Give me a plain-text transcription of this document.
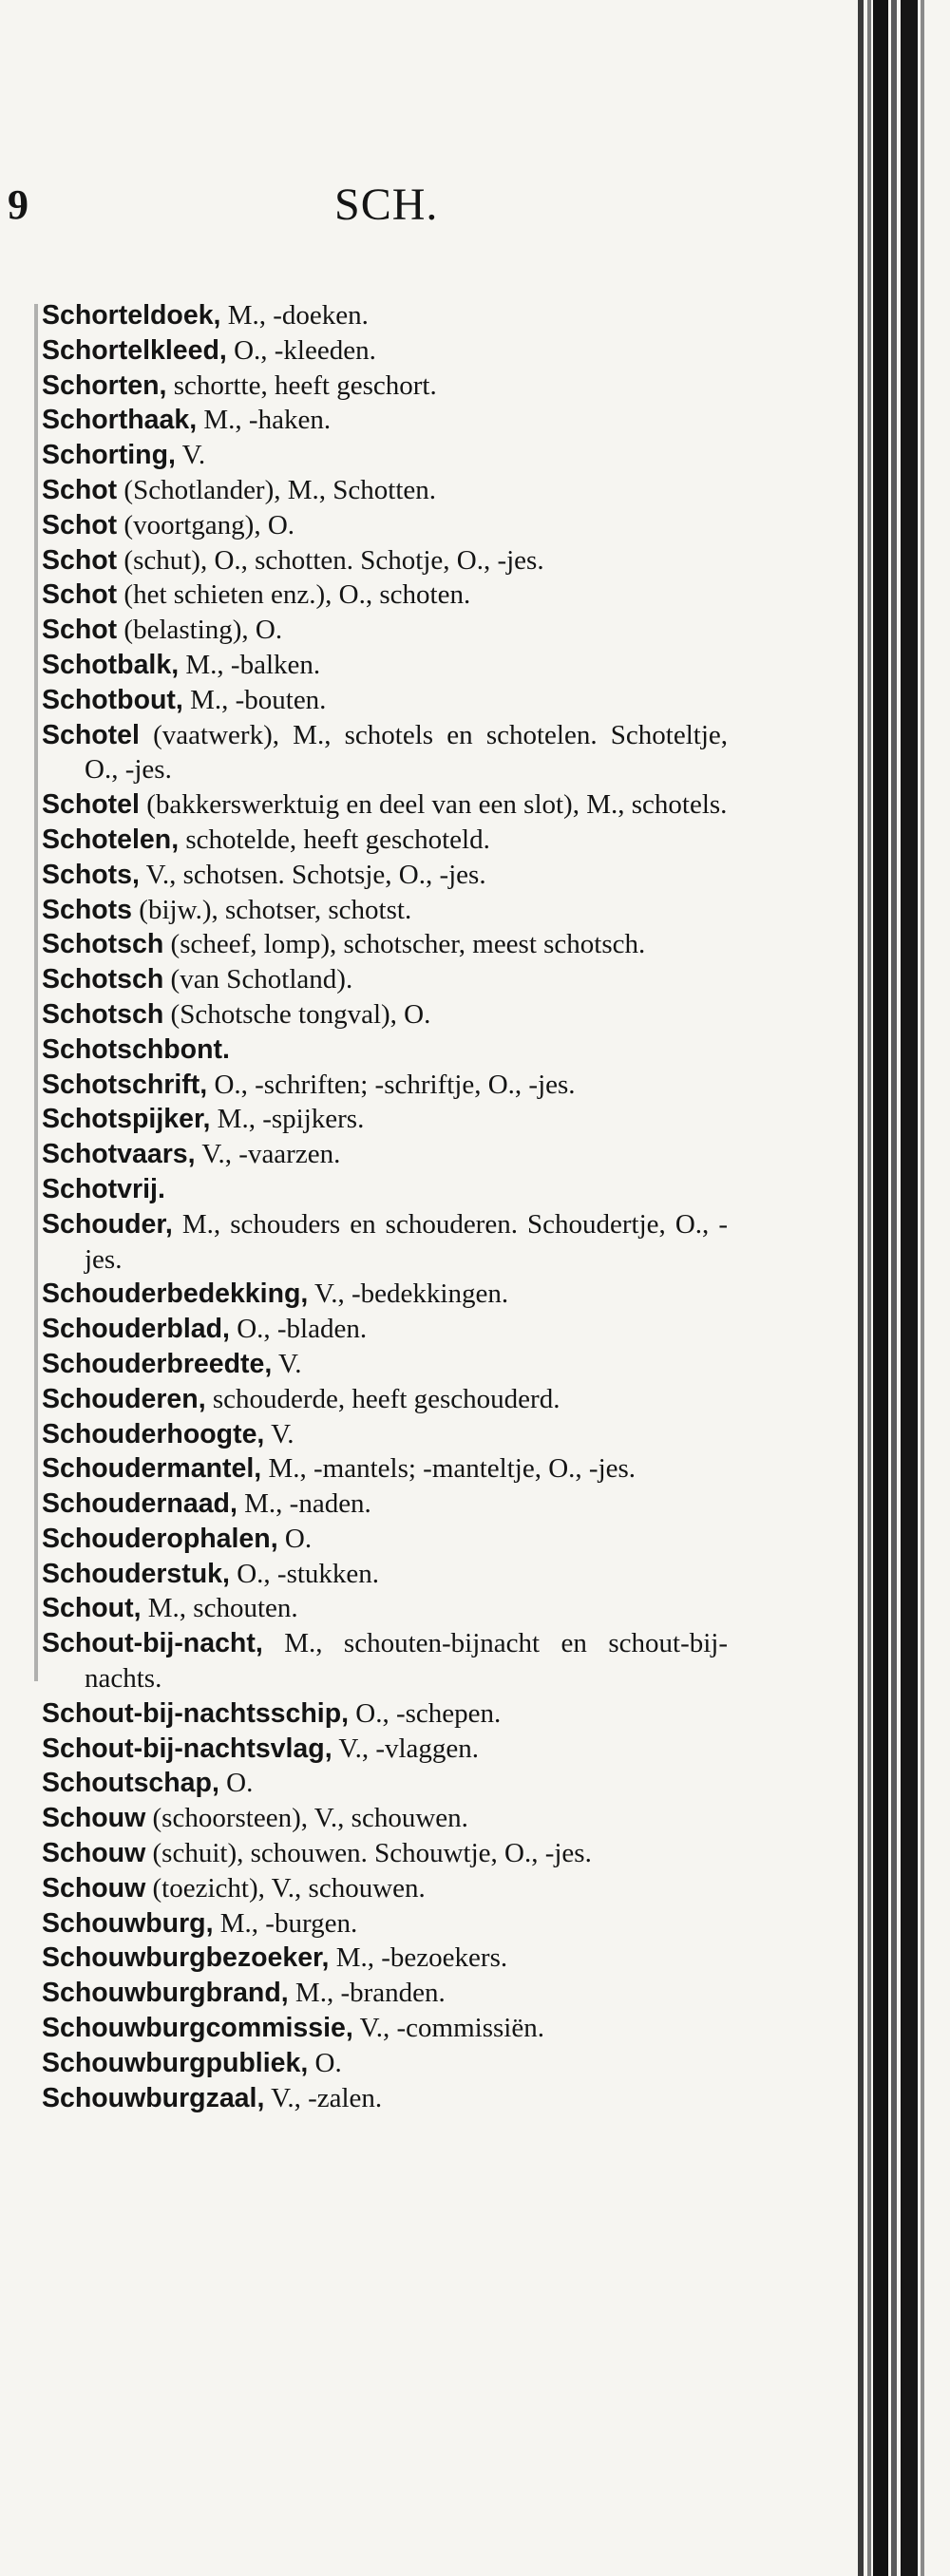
9	SCH.
Schorteldoek, M., -doeken.
Schortelkleed, O., -kleeden.
Schorten, schortte, heeft geschort.
Schorthaak, M., -haken.
Schorting, V.
Schot (Schotlander), M., Schotten.
Schot (voortgang), O.
Schot (schut), O., schotten. Schotje, O., -jes.
Schot (het schieten enz.), O., schoten.
Schot (belasting), O.
Schotbalk, M., -balken.
Schotbout, M., -bouten.
Schotel (vaatwerk), M., schotels en schotelen. Schoteltje, O., -jes.
Schotel (bakkerswerktuig en deel van een slot), M., schotels.
Schotelen, schotelde, heeft geschoteld.
Schots, V., schotsen. Schotsje, O., -jes.
Schots (bijw.), schotser, schotst.
Schotsch (scheef, lomp), schotscher, meest schotsch.
Schotsch (van Schotland).
Schotsch (Schotsche tongval), O.
Schotschbont.
Schotschrift, O., -schriften; -schriftje, O., -jes.
Schotspijker, M., -spijkers.
Schotvaars, V., -vaarzen.
Schotvrij.
Schouder, M., schouders en schouderen. Schoudertje, O., -jes.
Schouderbedekking, V., -bedekkingen.
Schouderblad, O., -bladen.
Schouderbreedte, V.
Schouderen, schouderde, heeft geschouderd.
Schouderhoogte, V.
Schoudermantel, M., -mantels; -manteltje, O., -jes.
Schoudernaad, M., -naden.
Schouderophalen, O.
Schouderstuk, O., -stukken.
Schout, M., schouten.
Schout-bij-nacht, M., schouten-bijnacht en schout-bij-nachts.
Schout-bij-nachtsschip, O., -schepen.
Schout-bij-nachtsvlag, V., -vlaggen.
Schoutschap, O.
Schouw (schoorsteen), V., schouwen.
Schouw (schuit), schouwen. Schouwtje, O., -jes.
Schouw (toezicht), V., schouwen.
Schouwburg, M., -burgen.
Schouwburgbezoeker, M., -bezoekers.
Schouwburgbrand, M., -branden.
Schouwburgcommissie, V., -commissiën.
Schouwburgpubliek, O.
Schouwburgzaal, V., -zalen.
